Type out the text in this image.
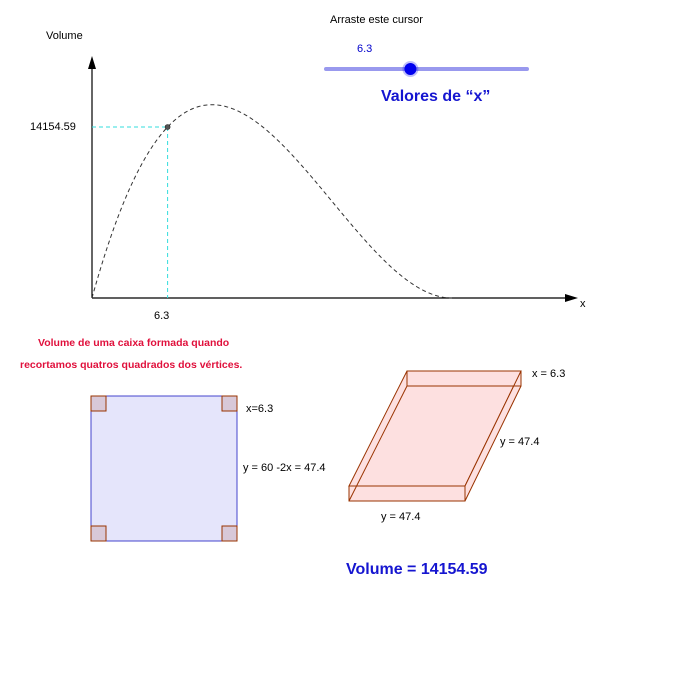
Arraste este cursor
6.3
Valores de “x”
Volume
x
14154.59
6.3
Volume de uma caixa formada quando
recortamos quatros quadrados dos vértices.
x=6.3
y = 60 -2x = 47.4
x = 6.3
y = 47.4
y = 47.4
Volume = 14154.59
